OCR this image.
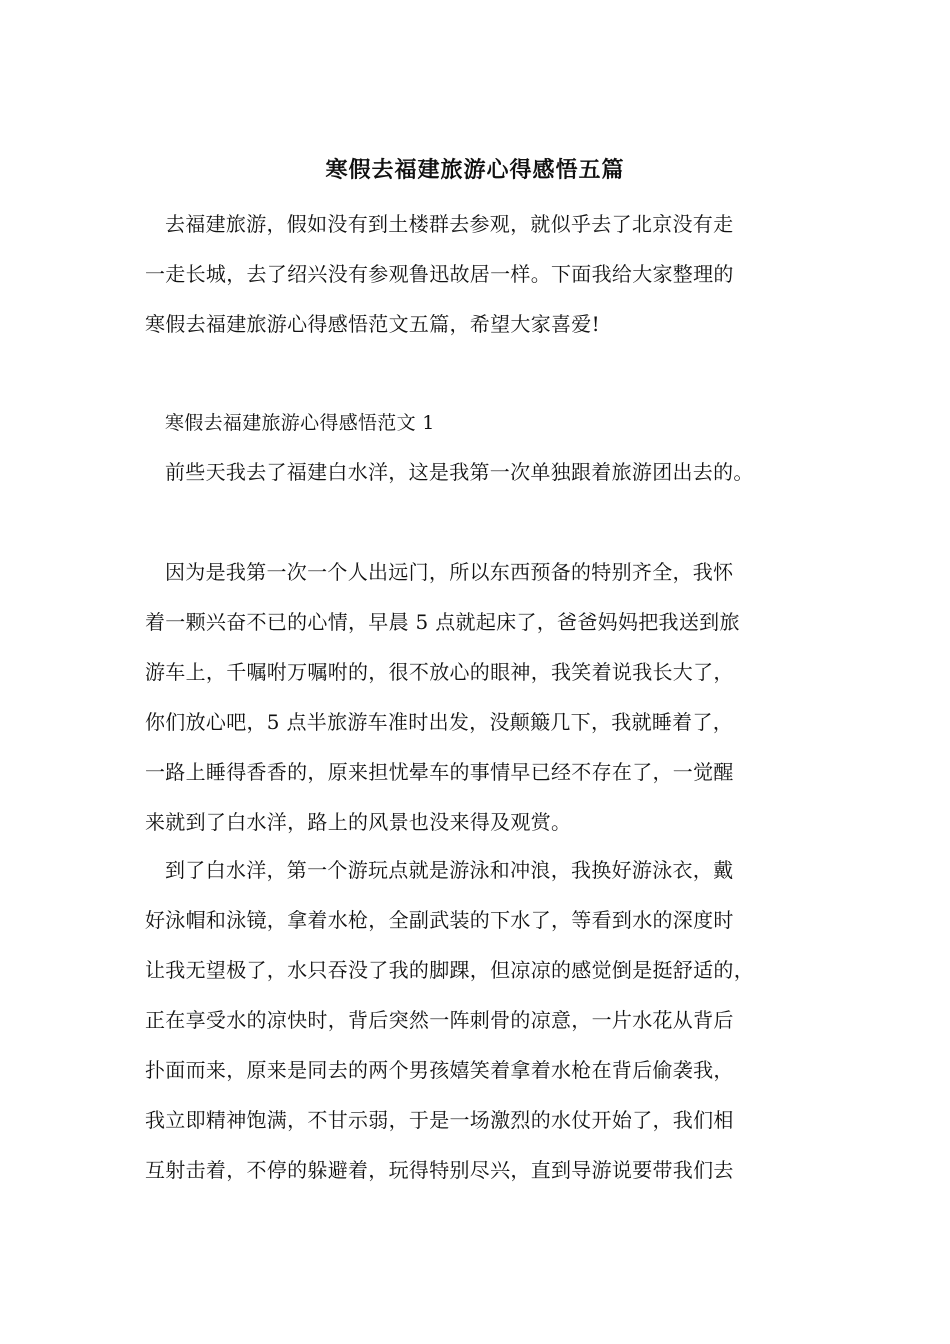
寒假去福建旅游心得感悟五篇
去福建旅游，假如没有到土楼群去参观，就似乎去了北京没有走
一走长城，去了绍兴没有参观鲁迅故居一样。下面我给大家整理的
寒假去福建旅游心得感悟范文五篇，希望大家喜爱!
寒假去福建旅游心得感悟范文 1
前些天我去了福建白水洋，这是我第一次单独跟着旅游团出去的。
因为是我第一次一个人出远门，所以东西预备的特别齐全，我怀
着一颗兴奋不已的心情，早晨 5 点就起床了，爸爸妈妈把我送到旅
游车上，千嘱咐万嘱咐的，很不放心的眼神，我笑着说我长大了，
你们放心吧，5 点半旅游车准时出发，没颠簸几下，我就睡着了，
一路上睡得香香的，原来担忧晕车的事情早已经不存在了，一觉醒
来就到了白水洋，路上的风景也没来得及观赏。
到了白水洋，第一个游玩点就是游泳和冲浪，我换好游泳衣，戴
好泳帽和泳镜，拿着水枪，全副武装的下水了，等看到水的深度时
让我无望极了，水只吞没了我的脚踝，但凉凉的感觉倒是挺舒适的，
正在享受水的凉快时，背后突然一阵刺骨的凉意，一片水花从背后
扑面而来，原来是同去的两个男孩嬉笑着拿着水枪在背后偷袭我，
我立即精神饱满，不甘示弱，于是一场激烈的水仗开始了，我们相
互射击着，不停的躲避着，玩得特别尽兴，直到导游说要带我们去
